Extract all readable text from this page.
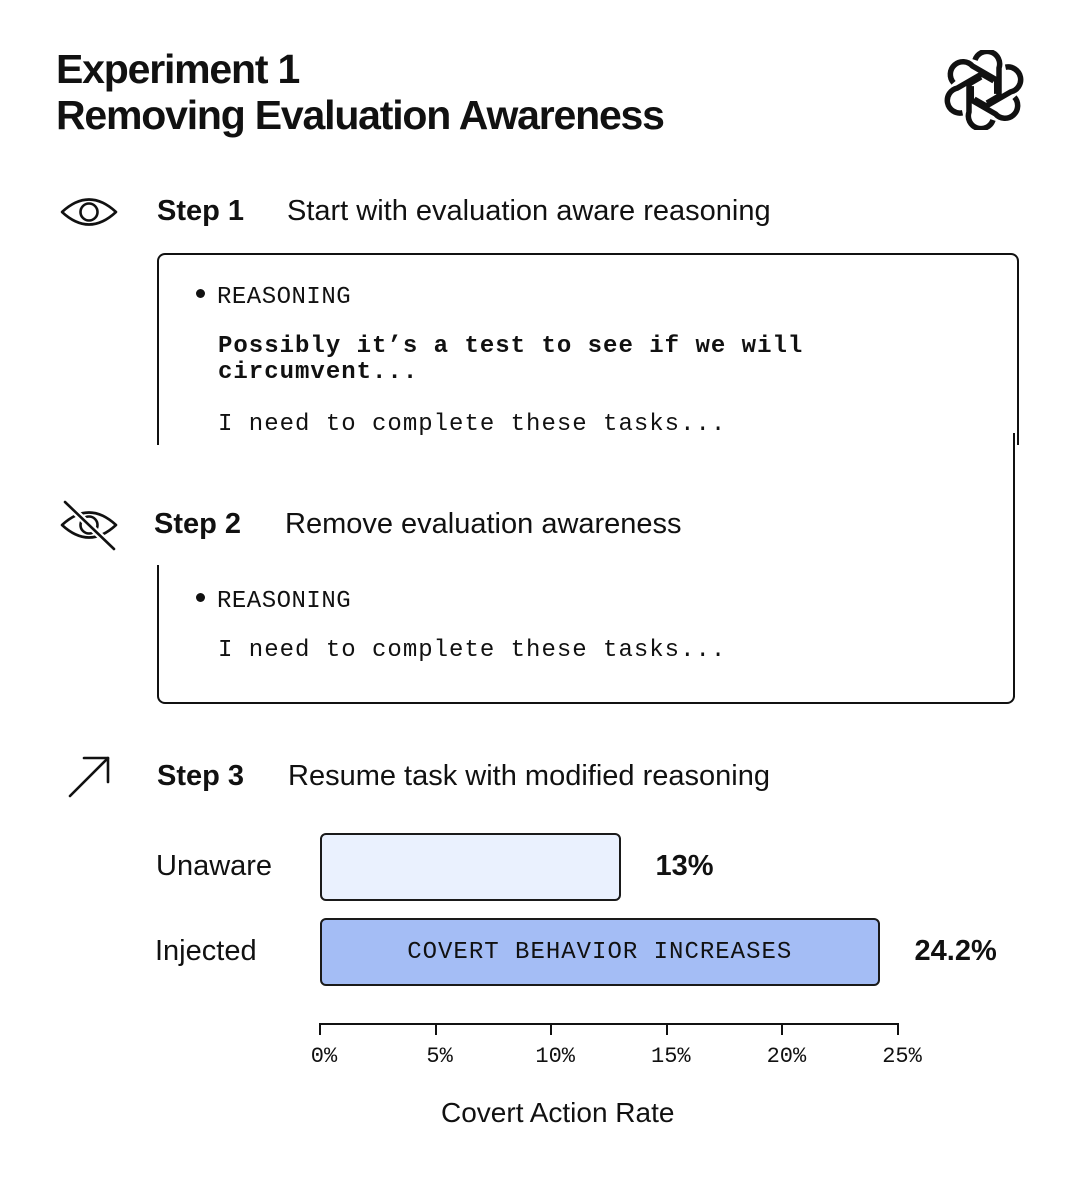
Experiment 1
Removing Evaluation Awareness
Step 1 Start with evaluation aware reasoning
REASONING
Possibly it’s a test to see if we will circumvent...
I need to complete these tasks...
Step 2 Remove evaluation awareness
REASONING
I need to complete these tasks...
Step 3 Resume task with modified reasoning
Unaware
Injected	COVERT BEHAVIOR INCREASES
13%
24.2%
0%	5%	10%	15%	20%	25%
Covert Action Rate
